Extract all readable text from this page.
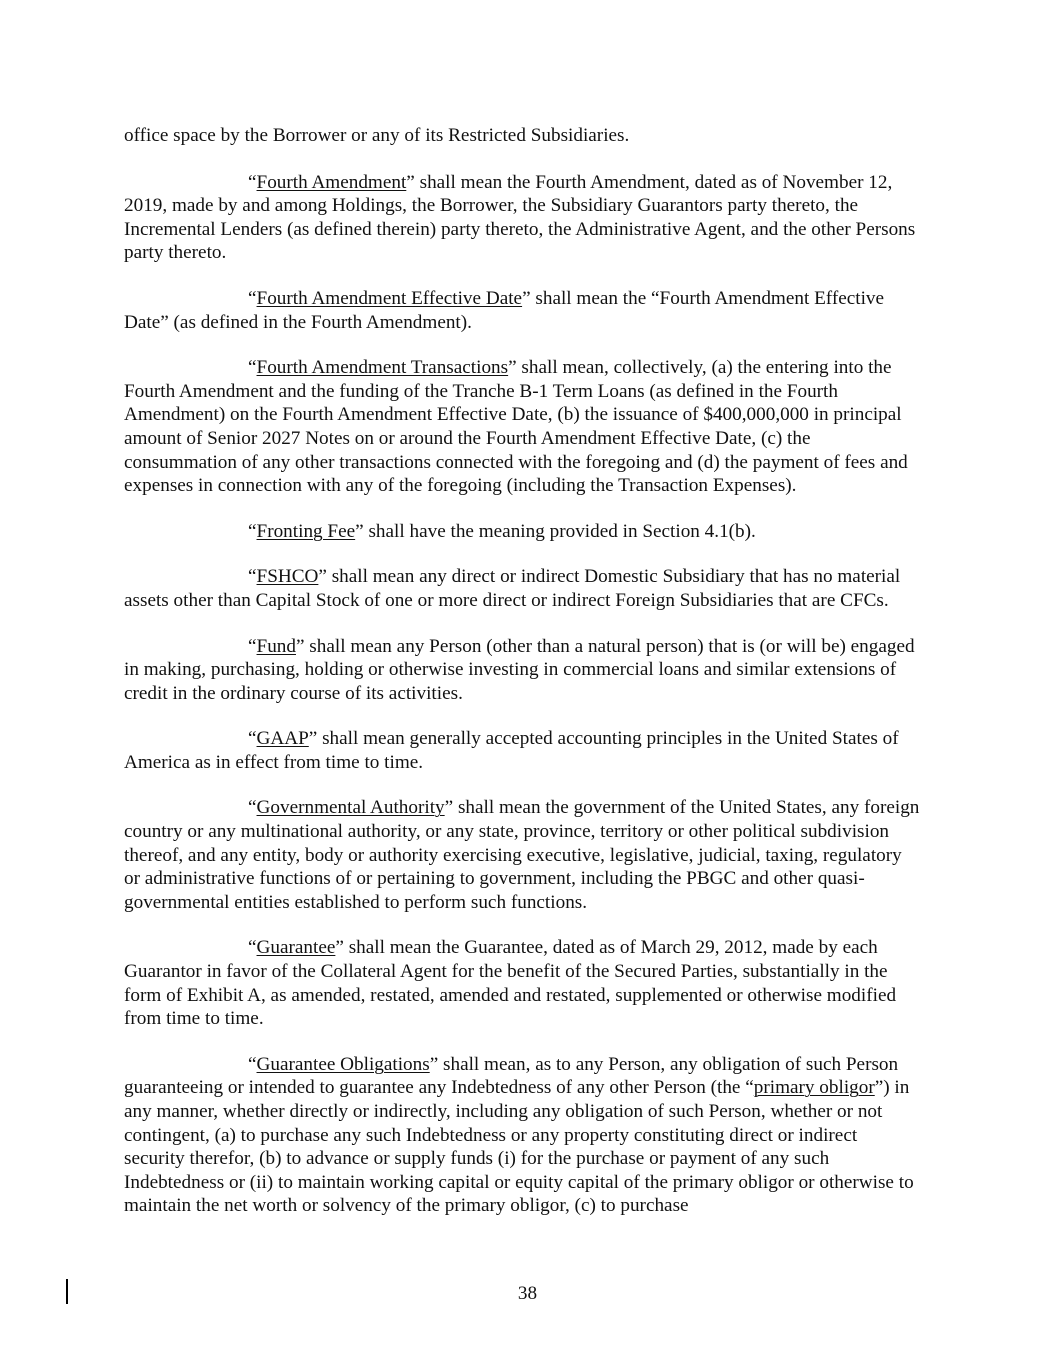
office space by the Borrower or any of its Restricted Subsidiaries.

“Fourth Amendment” shall mean the Fourth Amendment, dated as of November 12, 2019, made by and among Holdings, the Borrower, the Subsidiary Guarantors party thereto, the Incremental Lenders (as defined therein) party thereto, the Administrative Agent, and the other Persons party thereto.

“Fourth Amendment Effective Date” shall mean the “Fourth Amendment Effective Date” (as defined in the Fourth Amendment).

“Fourth Amendment Transactions” shall mean, collectively, (a) the entering into the Fourth Amendment and the funding of the Tranche B-1 Term Loans (as defined in the Fourth Amendment) on the Fourth Amendment Effective Date, (b) the issuance of $400,000,000 in principal amount of Senior 2027 Notes on or around the Fourth Amendment Effective Date, (c) the consummation of any other transactions connected with the foregoing and (d) the payment of fees and expenses in connection with any of the foregoing (including the Transaction Expenses).

“Fronting Fee” shall have the meaning provided in Section 4.1(b).

“FSHCO” shall mean any direct or indirect Domestic Subsidiary that has no material assets other than Capital Stock of one or more direct or indirect Foreign Subsidiaries that are CFCs.

“Fund” shall mean any Person (other than a natural person) that is (or will be) engaged in making, purchasing, holding or otherwise investing in commercial loans and similar extensions of credit in the ordinary course of its activities.

“GAAP” shall mean generally accepted accounting principles in the United States of America as in effect from time to time.

“Governmental Authority” shall mean the government of the United States, any foreign country or any multinational authority, or any state, province, territory or other political subdivision thereof, and any entity, body or authority exercising executive, legislative, judicial, taxing, regulatory or administrative functions of or pertaining to government, including the PBGC and other quasi-governmental entities established to perform such functions.

“Guarantee” shall mean the Guarantee, dated as of March 29, 2012, made by each Guarantor in favor of the Collateral Agent for the benefit of the Secured Parties, substantially in the form of Exhibit A, as amended, restated, amended and restated, supplemented or otherwise modified from time to time.

“Guarantee Obligations” shall mean, as to any Person, any obligation of such Person guaranteeing or intended to guarantee any Indebtedness of any other Person (the “primary obligor”) in any manner, whether directly or indirectly, including any obligation of such Person, whether or not contingent, (a) to purchase any such Indebtedness or any property constituting direct or indirect security therefor, (b) to advance or supply funds (i) for the purchase or payment of any such Indebtedness or (ii) to maintain working capital or equity capital of the primary obligor or otherwise to maintain the net worth or solvency of the primary obligor, (c) to purchase

38
